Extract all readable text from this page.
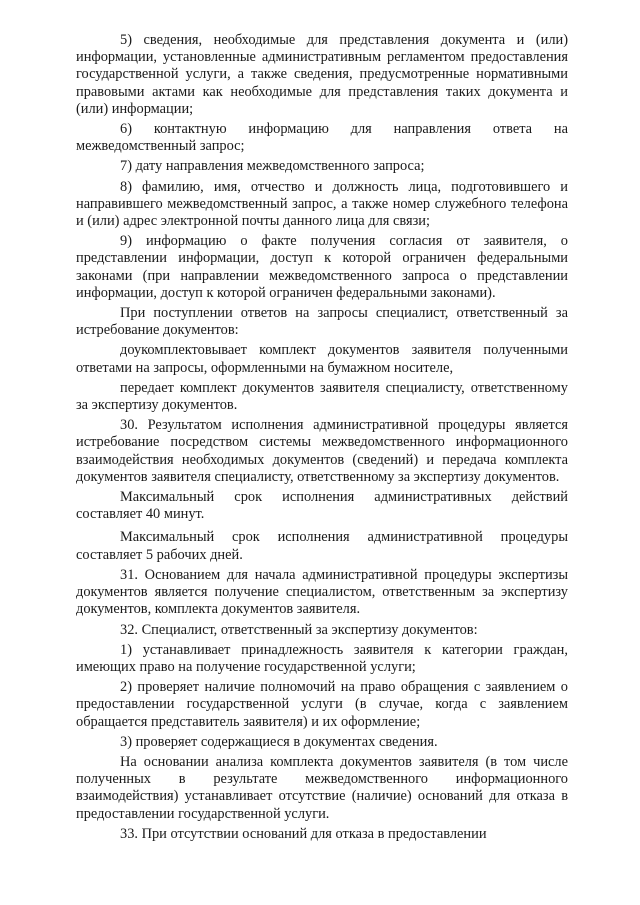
5) сведения, необходимые для представления документа и (или) информации, установленные административным регламентом предоставления государственной услуги, а также сведения, предусмотренные нормативными правовыми актами как необходимые для представления таких документа и (или) информации;

6) контактную информацию для направления ответа на межведомственный запрос;

7) дату направления межведомственного запроса;

8) фамилию, имя, отчество и должность лица, подготовившего и направившего межведомственный запрос, а также номер служебного телефона и (или) адрес электронной почты данного лица для связи;

9) информацию о факте получения согласия от заявителя, о представлении информации, доступ к которой ограничен федеральными законами (при направлении межведомственного запроса о представлении информации, доступ к которой ограничен федеральными законами).

При поступлении ответов на запросы специалист, ответственный за истребование документов:

доукомплектовывает комплект документов заявителя полученными ответами на запросы, оформленными на бумажном носителе,

передает комплект документов заявителя специалисту, ответственному за экспертизу документов.

30. Результатом исполнения административной процедуры является истребование посредством системы межведомственного информационного взаимодействия необходимых документов (сведений) и передача комплекта документов заявителя специалисту, ответственному за экспертизу документов.

Максимальный срок исполнения административных действий составляет 40 минут.

Максимальный срок исполнения административной процедуры составляет 5 рабочих дней.

31. Основанием для начала административной процедуры экспертизы документов является получение специалистом, ответственным за экспертизу документов, комплекта документов заявителя.

32. Специалист, ответственный за экспертизу документов:

1) устанавливает принадлежность заявителя к категории граждан, имеющих право на получение государственной услуги;

2) проверяет наличие полномочий на право обращения с заявлением о предоставлении государственной услуги (в случае, когда с заявлением обращается представитель заявителя) и их оформление;

3) проверяет содержащиеся в документах сведения.

На основании анализа комплекта документов заявителя (в том числе полученных в результате межведомственного информационного взаимодействия) устанавливает отсутствие (наличие) оснований для отказа в предоставлении государственной услуги.

33. При отсутствии оснований для отказа в предоставлении
